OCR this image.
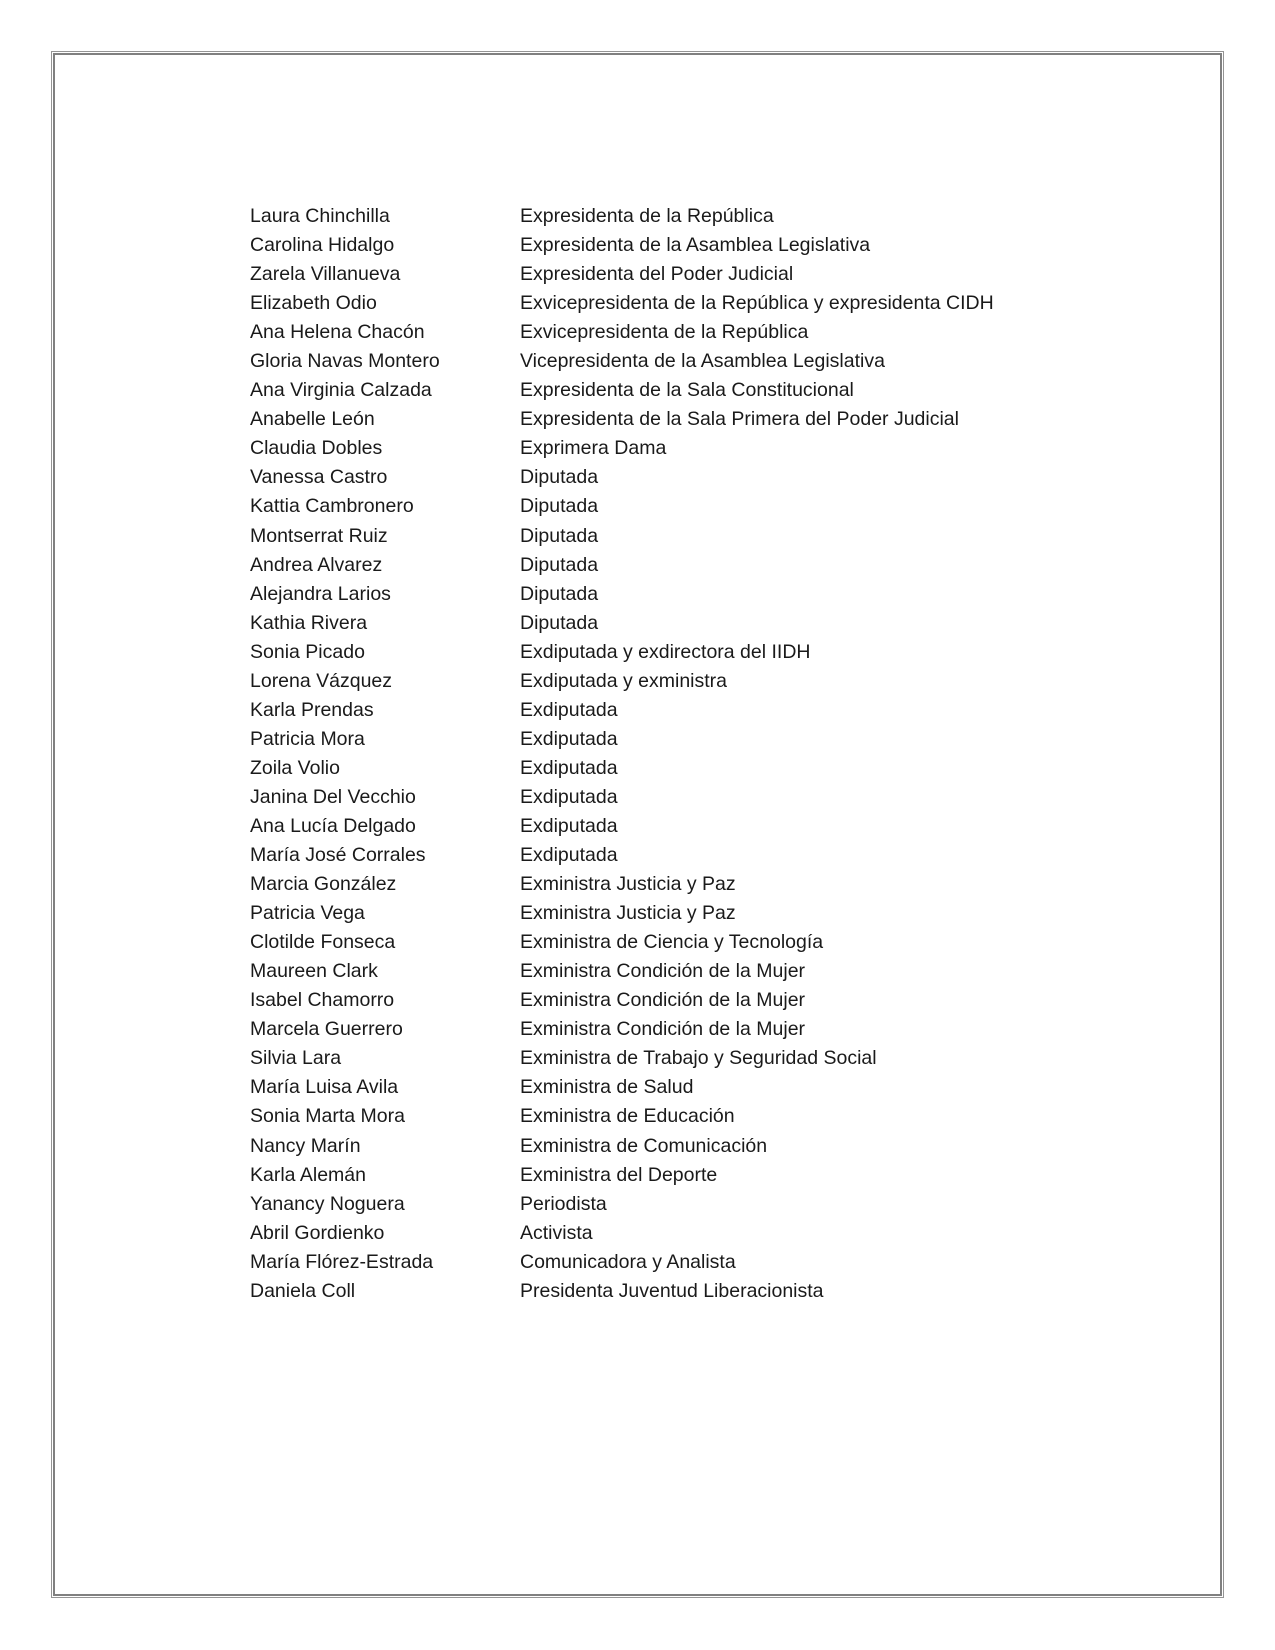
Laura Chinchilla	Expresidenta de la República
Carolina Hidalgo	Expresidenta de la Asamblea Legislativa
Zarela Villanueva	Expresidenta del Poder Judicial
Elizabeth Odio	Exvicepresidenta de la República y expresidenta CIDH
Ana Helena Chacón	Exvicepresidenta de la República
Gloria Navas Montero	Vicepresidenta de la Asamblea Legislativa
Ana Virginia Calzada	Expresidenta de la Sala Constitucional
Anabelle León	Expresidenta de la Sala Primera del Poder Judicial
Claudia Dobles	Exprimera Dama
Vanessa Castro	Diputada
Kattia Cambronero	Diputada
Montserrat Ruiz	Diputada
Andrea Alvarez	Diputada
Alejandra Larios	Diputada
Kathia Rivera	Diputada
Sonia Picado	Exdiputada y exdirectora del IIDH
Lorena Vázquez	Exdiputada y exministra
Karla Prendas	Exdiputada
Patricia Mora	Exdiputada
Zoila Volio	Exdiputada
Janina Del Vecchio	Exdiputada
Ana Lucía Delgado	Exdiputada
María José Corrales	Exdiputada
Marcia González	Exministra Justicia y Paz
Patricia Vega	Exministra Justicia y Paz
Clotilde Fonseca	Exministra de Ciencia y Tecnología
Maureen Clark	Exministra Condición de la Mujer
Isabel Chamorro	Exministra Condición de la Mujer
Marcela Guerrero	Exministra Condición de la Mujer
Silvia Lara	Exministra de Trabajo y Seguridad Social
María Luisa Avila	Exministra de Salud
Sonia Marta Mora	Exministra de Educación
Nancy Marín	Exministra de Comunicación
Karla Alemán	Exministra del Deporte
Yanancy Noguera	Periodista
Abril Gordienko	Activista
María Flórez-Estrada	Comunicadora y Analista
Daniela Coll	Presidenta Juventud Liberacionista
